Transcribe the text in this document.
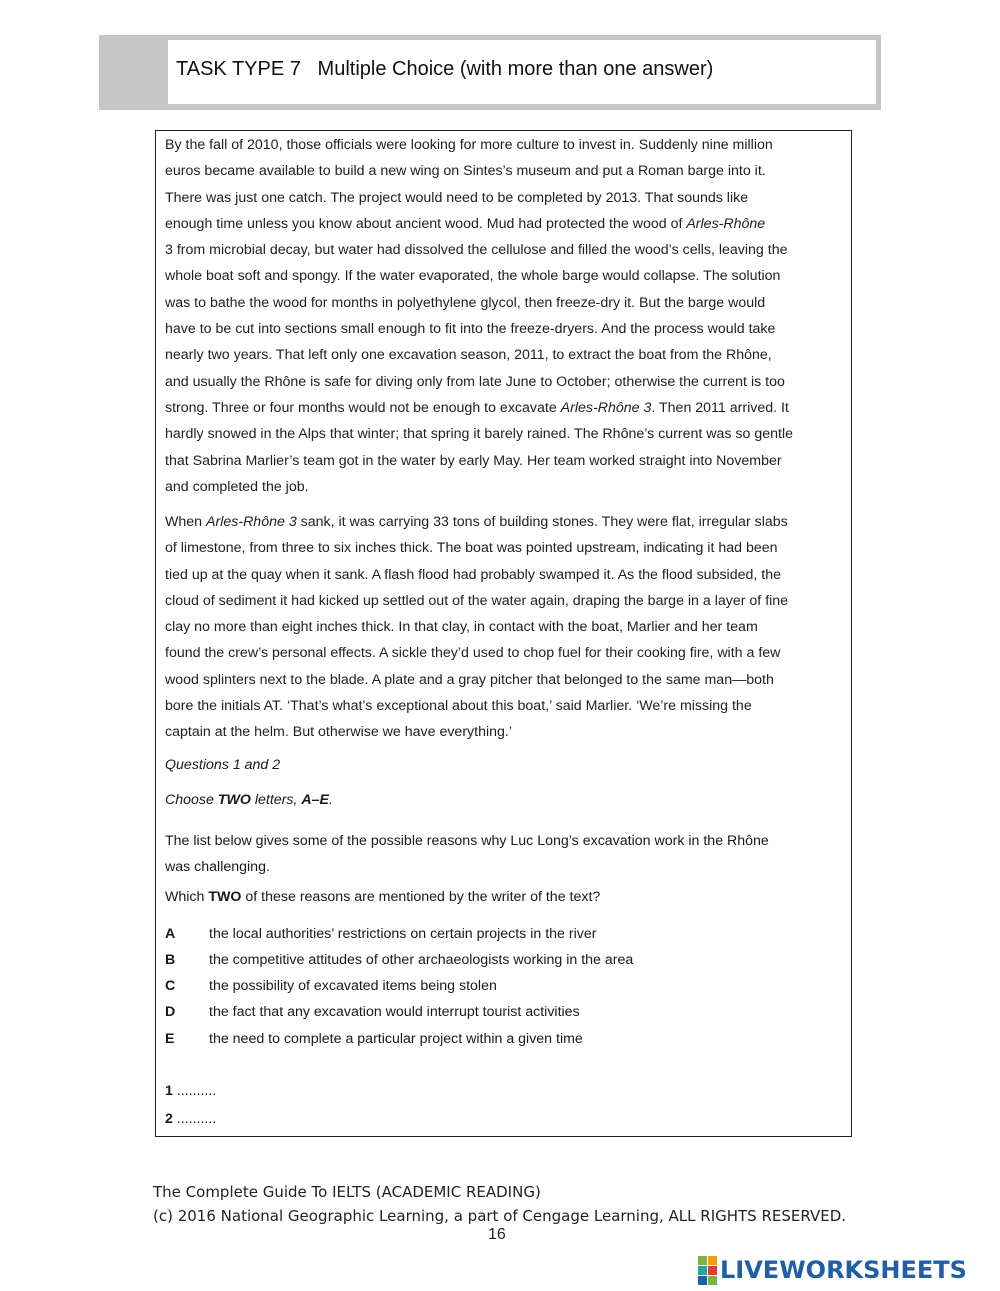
TASK TYPE 7   Multiple Choice (with more than one answer)
By the fall of 2010, those officials were looking for more culture to invest in. Suddenly nine million
euros became available to build a new wing on Sintes’s museum and put a Roman barge into it.
There was just one catch. The project would need to be completed by 2013. That sounds like
enough time unless you know about ancient wood. Mud had protected the wood of Arles-Rhône
3 from microbial decay, but water had dissolved the cellulose and filled the wood’s cells, leaving the
whole boat soft and spongy. If the water evaporated, the whole barge would collapse. The solution
was to bathe the wood for months in polyethylene glycol, then freeze-dry it. But the barge would
have to be cut into sections small enough to fit into the freeze-dryers. And the process would take
nearly two years. That left only one excavation season, 2011, to extract the boat from the Rhône,
and usually the Rhône is safe for diving only from late June to October; otherwise the current is too
strong. Three or four months would not be enough to excavate Arles-Rhône 3. Then 2011 arrived. It
hardly snowed in the Alps that winter; that spring it barely rained. The Rhône’s current was so gentle
that Sabrina Marlier’s team got in the water by early May. Her team worked straight into November
and completed the job.
When Arles-Rhône 3 sank, it was carrying 33 tons of building stones. They were flat, irregular slabs
of limestone, from three to six inches thick. The boat was pointed upstream, indicating it had been
tied up at the quay when it sank. A flash flood had probably swamped it. As the flood subsided, the
cloud of sediment it had kicked up settled out of the water again, draping the barge in a layer of fine
clay no more than eight inches thick. In that clay, in contact with the boat, Marlier and her team
found the crew’s personal effects. A sickle they’d used to chop fuel for their cooking fire, with a few
wood splinters next to the blade. A plate and a gray pitcher that belonged to the same man—both
bore the initials AT. ‘That’s what’s exceptional about this boat,’ said Marlier. ‘We’re missing the
captain at the helm. But otherwise we have everything.’
Questions 1 and 2
Choose TWO letters, A–E.
The list below gives some of the possible reasons why Luc Long’s excavation work in the Rhône
was challenging.
Which TWO of these reasons are mentioned by the writer of the text?
A the local authorities’ restrictions on certain projects in the river
B the competitive attitudes of other archaeologists working in the area
C the possibility of excavated items being stolen
D the fact that any excavation would interrupt tourist activities
E the need to complete a particular project within a given time
1 ..........
2 ..........
The Complete Guide To IELTS (ACADEMIC READING)
(c) 2016 National Geographic Learning, a part of Cengage Learning, ALL RIGHTS RESERVED.
16
LIVEWORKSHEETS
